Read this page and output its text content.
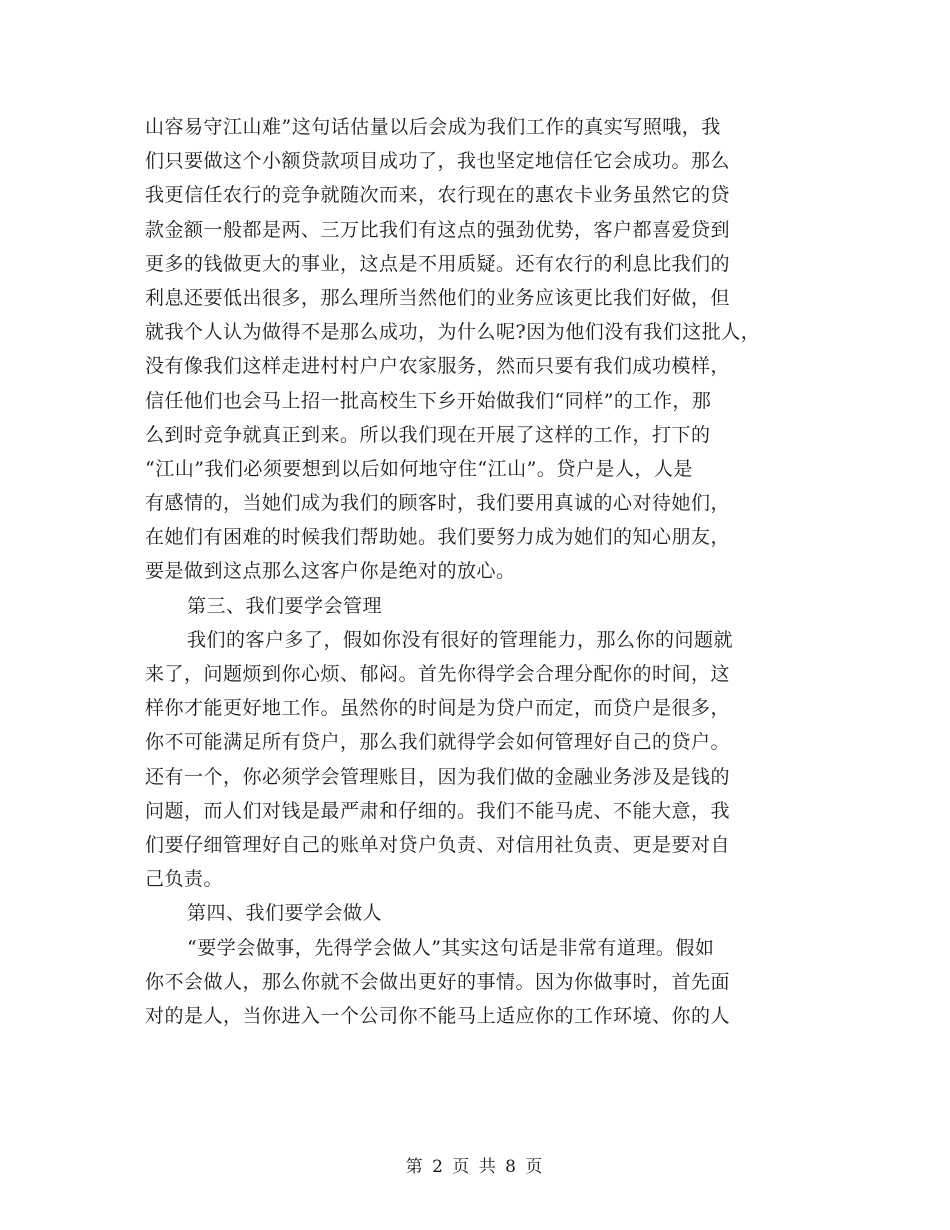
山容易守江山难”这句话估量以后会成为我们工作的真实写照哦，我
们只要做这个小额贷款项目成功了，我也坚定地信任它会成功。那么
我更信任农行的竞争就随次而来，农行现在的惠农卡业务虽然它的贷
款金额一般都是两、三万比我们有这点的强劲优势，客户都喜爱贷到
更多的钱做更大的事业，这点是不用质疑。还有农行的利息比我们的
利息还要低出很多，那么理所当然他们的业务应该更比我们好做，但
就我个人认为做得不是那么成功，为什么呢?因为他们没有我们这批人，
没有像我们这样走进村村户户农家服务，然而只要有我们成功模样，
信任他们也会马上招一批高校生下乡开始做我们“同样”的工作，那
么到时竞争就真正到来。所以我们现在开展了这样的工作，打下的
“江山”我们必须要想到以后如何地守住“江山”。贷户是人，人是
有感情的，当她们成为我们的顾客时，我们要用真诚的心对待她们，
在她们有困难的时候我们帮助她。我们要努力成为她们的知心朋友，
要是做到这点那么这客户你是绝对的放心。
第三、我们要学会管理
我们的客户多了，假如你没有很好的管理能力，那么你的问题就
来了，问题烦到你心烦、郁闷。首先你得学会合理分配你的时间，这
样你才能更好地工作。虽然你的时间是为贷户而定，而贷户是很多，
你不可能满足所有贷户，那么我们就得学会如何管理好自己的贷户。
还有一个，你必须学会管理账目，因为我们做的金融业务涉及是钱的
问题，而人们对钱是最严肃和仔细的。我们不能马虎、不能大意，我
们要仔细管理好自己的账单对贷户负责、对信用社负责、更是要对自
己负责。
第四、我们要学会做人
“要学会做事，先得学会做人”其实这句话是非常有道理。假如
你不会做人，那么你就不会做出更好的事情。因为你做事时，首先面
对的是人，当你进入一个公司你不能马上适应你的工作环境、你的人
第 2 页 共 8 页
